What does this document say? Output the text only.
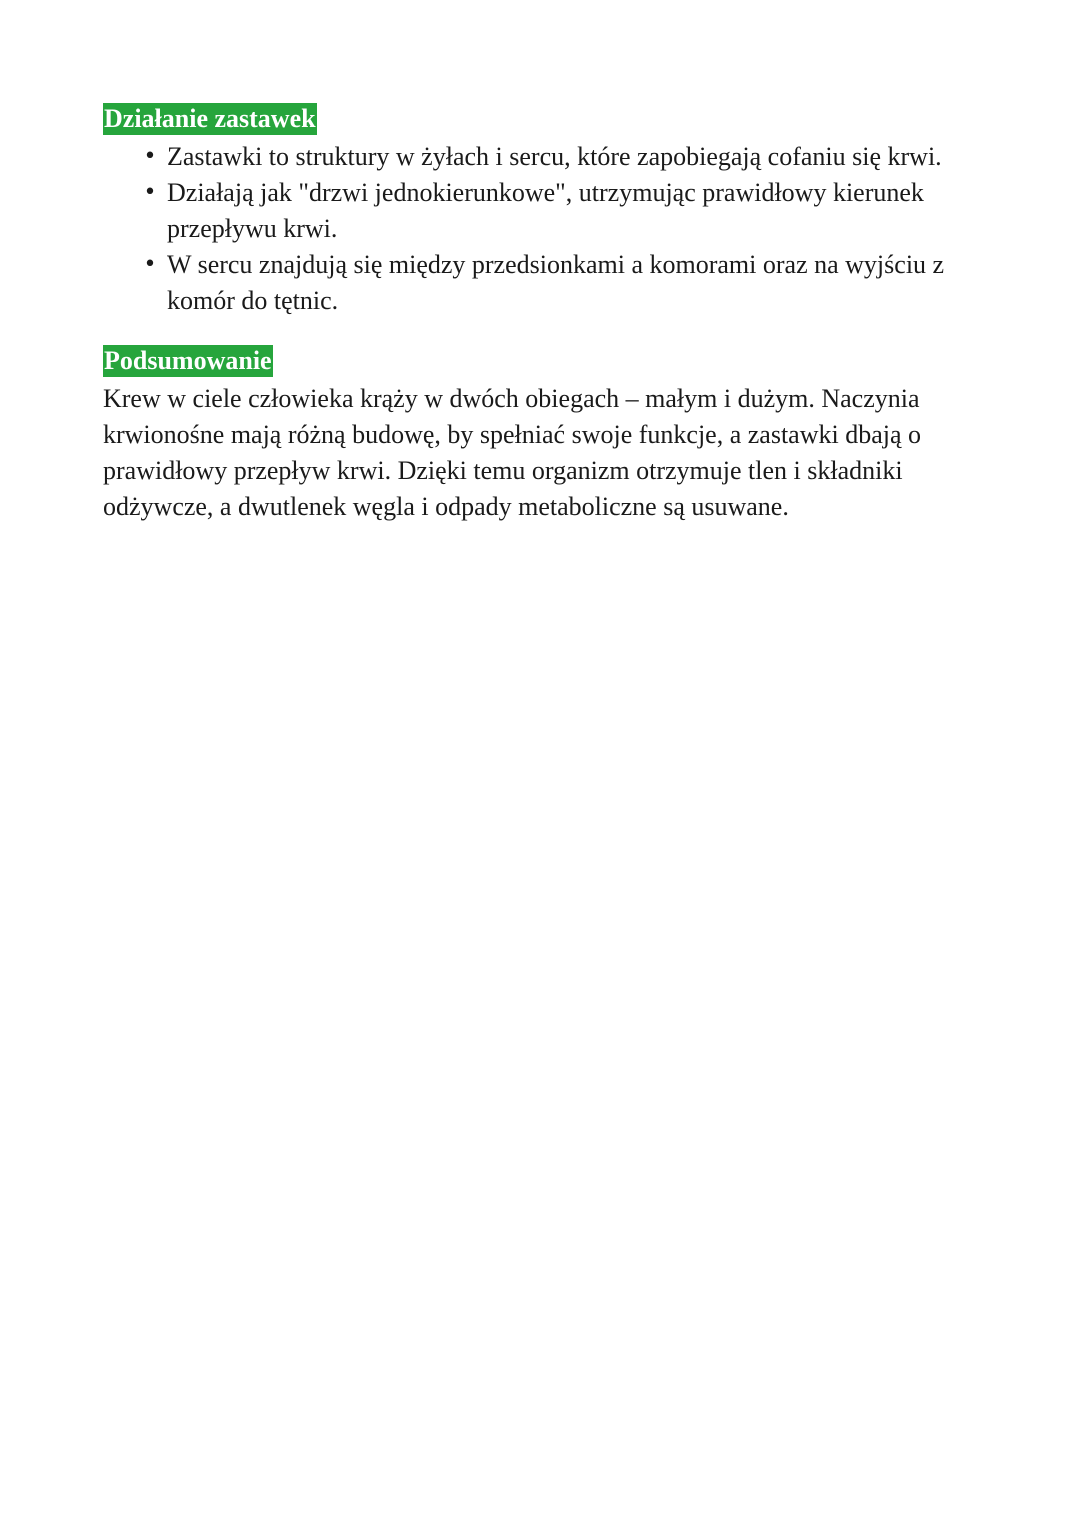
Działanie zastawek
• Zastawki to struktury w żyłach i sercu, które zapobiegają cofaniu się krwi.
• Działają jak "drzwi jednokierunkowe", utrzymując prawidłowy kierunek przepływu krwi.
• W sercu znajdują się między przedsionkami a komorami oraz na wyjściu z komór do tętnic.
Podsumowanie

Krew w ciele człowieka krąży w dwóch obiegach – małym i dużym. Naczynia krwionośne mają różną budowę, by spełniać swoje funkcje, a zastawki dbają o prawidłowy przepływ krwi. Dzięki temu organizm otrzymuje tlen i składniki odżywcze, a dwutlenek węgla i odpady metaboliczne są usuwane.
